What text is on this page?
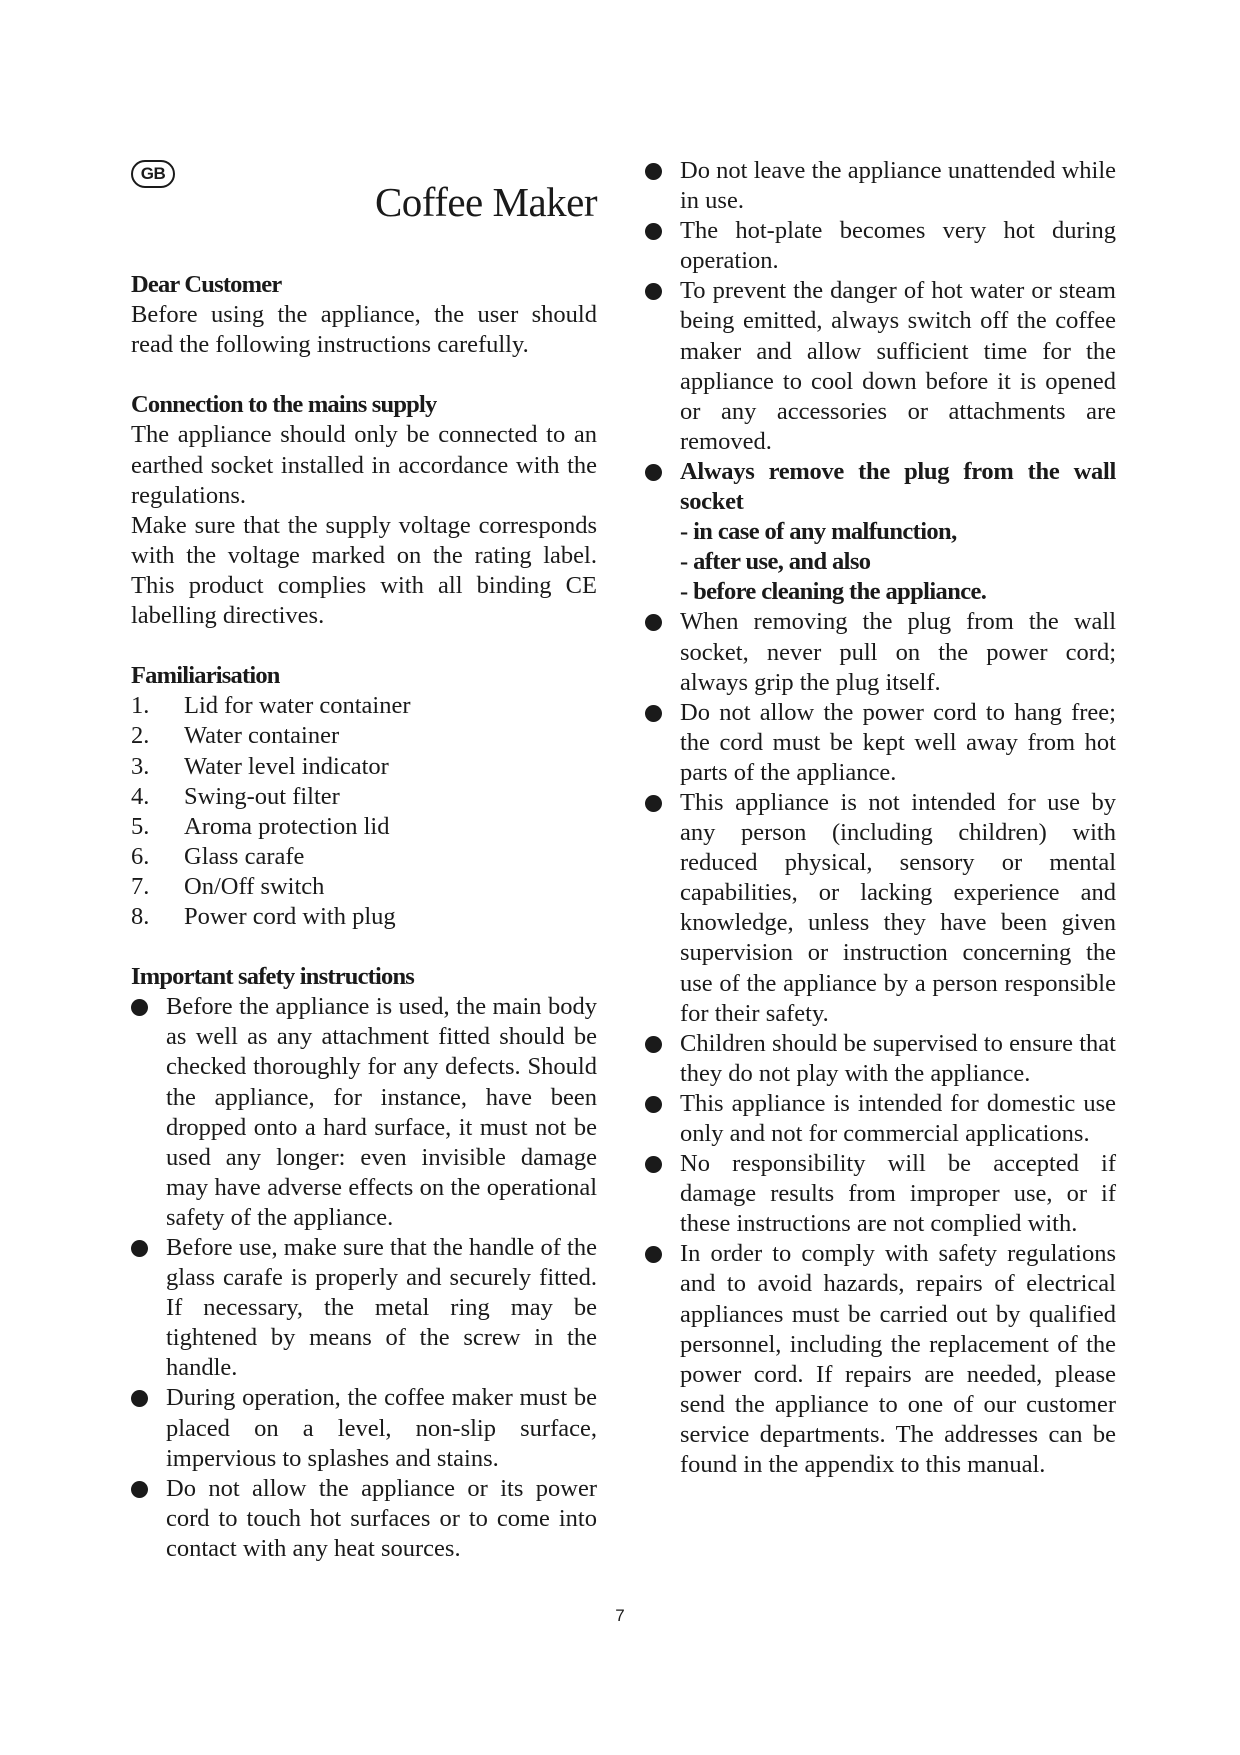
GB
Coffee Maker

Dear Customer

Before using the appliance, the user should read the following instructions carefully.

Connection to the mains supply

The appliance should only be connected to an earthed socket installed in accordance with the regulations.

Make sure that the supply voltage corresponds with the voltage marked on the rating label. This product complies with all binding CE labelling directives.

Familiarisation

1.	Lid for water container
2.	Water container
3.	Water level indicator
4.	Swing-out filter
5.	Aroma protection lid
6.	Glass carafe
7.	On/Off switch
8.	Power cord with plug

Important safety instructions

Before the appliance is used, the main body as well as any attachment fitted should be checked thoroughly for any defects. Should the appliance, for instance, have been dropped onto a hard surface, it must not be used any longer: even invisible damage may have adverse effects on the operational safety of the appliance.
Before use, make sure that the handle of the glass carafe is properly and securely fitted. If necessary, the metal ring may be tightened by means of the screw in the handle.
During operation, the coffee maker must be placed on a level, non-slip surface, impervious to splashes and stains.
Do not allow the appliance or its power cord to touch hot surfaces or to come into contact with any heat sources.
Do not leave the appliance unattended while in use.
The hot-plate becomes very hot during operation.
To prevent the danger of hot water or steam being emitted, always switch off the coffee maker and allow sufficient time for the appliance to cool down before it is opened or any accessories or attachments are removed.
Always remove the plug from the wall socket
- in case of any malfunction,
- after use, and also
- before cleaning the appliance.
When removing the plug from the wall socket, never pull on the power cord; always grip the plug itself.
Do not allow the power cord to hang free; the cord must be kept well away from hot parts of the appliance.
This appliance is not intended for use by any person (including children) with reduced physical, sensory or mental capabilities, or lacking experience and knowledge, unless they have been given supervision or instruction concerning the use of the appliance by a person responsible for their safety.
Children should be supervised to ensure that they do not play with the appliance.
This appliance is intended for domestic use only and not for commercial applications.
No responsibility will be accepted if damage results from improper use, or if these instructions are not complied with.
In order to comply with safety regulations and to avoid hazards, repairs of electrical appliances must be carried out by qualified personnel, including the replacement of the power cord. If repairs are needed, please send the appliance to one of our customer service departments. The addresses can be found in the appendix to this manual.
7
